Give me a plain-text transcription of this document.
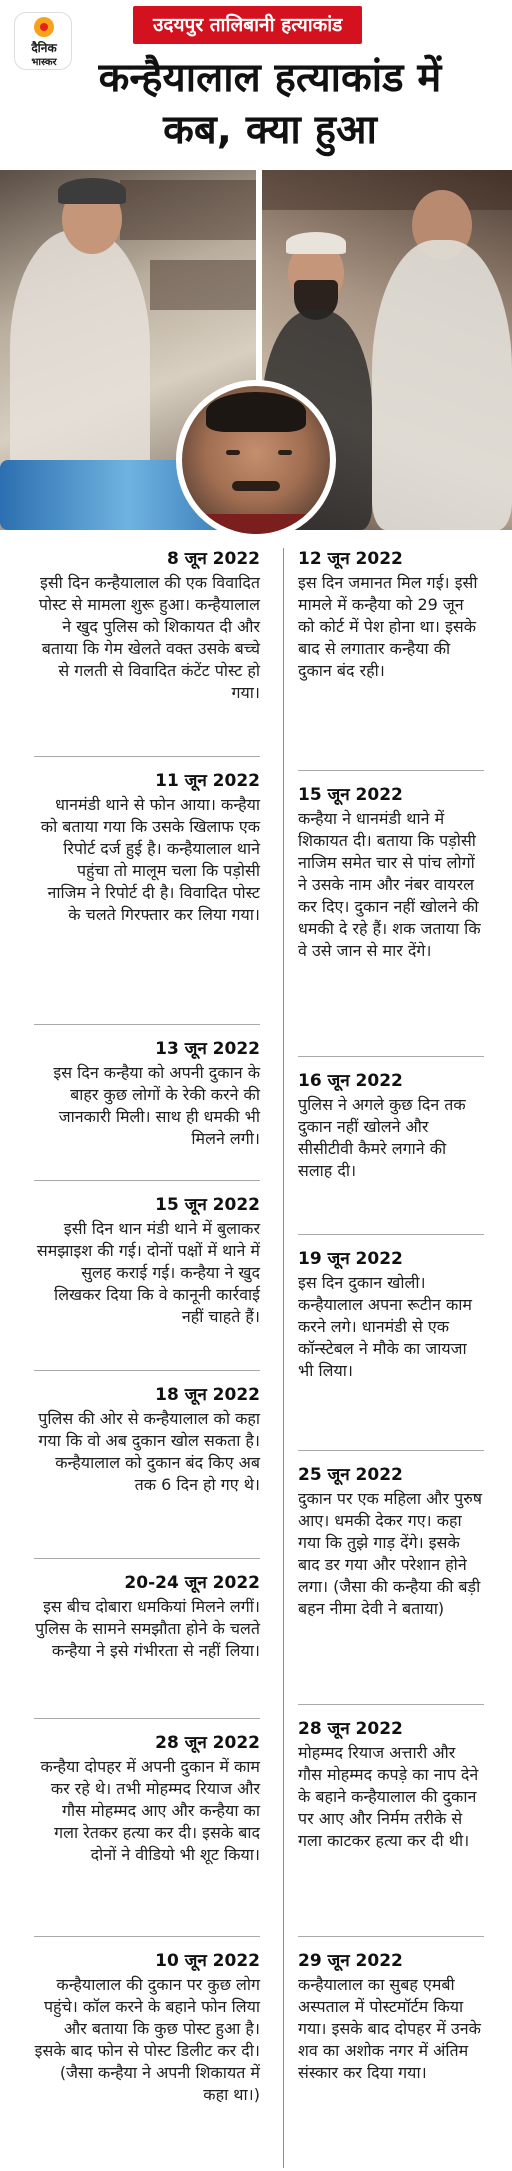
दैनिक
भास्कर
उदयपुर तालिबानी हत्याकांड
कन्हैयालाल हत्याकांड में कब, क्या हुआ
8 जून 2022
इसी दिन कन्हैयालाल की एक विवादित पोस्ट से मामला शुरू हुआ। कन्हैयालाल ने खुद पुलिस को शिकायत दी और बताया कि गेम खेलते वक्त उसके बच्चे से गलती से विवादित कंटेंट पोस्ट हो गया।
11 जून 2022
धानमंडी थाने से फोन आया। कन्हैया को बताया गया कि उसके खिलाफ एक रिपोर्ट दर्ज हुई है। कन्हैयालाल थाने पहुंचा तो मालूम चला कि पड़ोसी नाजिम ने रिपोर्ट दी है। विवादित पोस्ट के चलते गिरफ्तार कर लिया गया।
13 जून 2022
इस दिन कन्हैया को अपनी दुकान के बाहर कुछ लोगों के रेकी करने की जानकारी मिली। साथ ही धमकी भी मिलने लगी।
15 जून 2022
इसी दिन थान मंडी थाने में बुलाकर समझाइश की गई। दोनों पक्षों में थाने में सुलह कराई गई। कन्हैया ने खुद लिखकर दिया कि वे कानूनी कार्रवाई नहीं चाहते हैं।
18 जून 2022
पुलिस की ओर से कन्हैयालाल को कहा गया कि वो अब दुकान खोल सकता है। कन्हैयालाल को दुकान बंद किए अब तक 6 दिन हो गए थे।
20-24 जून 2022
इस बीच दोबारा धमकियां मिलने लगीं। पुलिस के सामने समझौता होने के चलते कन्हैया ने इसे गंभीरता से नहीं लिया।
28 जून 2022
कन्हैया दोपहर में अपनी दुकान में काम कर रहे थे। तभी मोहम्मद रियाज और गौस मोहम्मद आए और कन्हैया का गला रेतकर हत्या कर दी। इसके बाद दोनों ने वीडियो भी शूट किया।
10 जून 2022
कन्हैयालाल की दुकान पर कुछ लोग पहुंचे। कॉल करने के बहाने फोन लिया और बताया कि कुछ पोस्ट हुआ है। इसके बाद फोन से पोस्ट डिलीट कर दी। (जैसा कन्हैया ने अपनी शिकायत में कहा था।)
12 जून 2022
इस दिन जमानत मिल गई। इसी मामले में कन्हैया को 29 जून को कोर्ट में पेश होना था। इसके बाद से लगातार कन्हैया की दुकान बंद रही।
15 जून 2022
कन्हैया ने धानमंडी थाने में शिकायत दी। बताया कि पड़ोसी नाजिम समेत चार से पांच लोगों ने उसके नाम और नंबर वायरल कर दिए। दुकान नहीं खोलने की धमकी दे रहे हैं। शक जताया कि वे उसे जान से मार देंगे।
16 जून 2022
पुलिस ने अगले कुछ दिन तक दुकान नहीं खोलने और सीसीटीवी कैमरे लगाने की सलाह दी।
19 जून 2022
इस दिन दुकान खोली। कन्हैयालाल अपना रूटीन काम करने लगे। धानमंडी से एक कॉन्स्टेबल ने मौके का जायजा भी लिया।
25 जून 2022
दुकान पर एक महिला और पुरुष आए। धमकी देकर गए। कहा गया कि तुझे गाड़ देंगे। इसके बाद डर गया और परेशान होने लगा। (जैसा की कन्हैया की बड़ी बहन नीमा देवी ने बताया)
28 जून 2022
मोहम्मद रियाज अत्तारी और गौस मोहम्मद कपड़े का नाप देने के बहाने कन्हैयालाल की दुकान पर आए और निर्मम तरीके से गला काटकर हत्या कर दी थी।
29 जून 2022
कन्हैयालाल का सुबह एमबी अस्पताल में पोस्टमॉर्टम किया गया। इसके बाद दोपहर में उनके शव का अशोक नगर में अंतिम संस्कार कर दिया गया।
